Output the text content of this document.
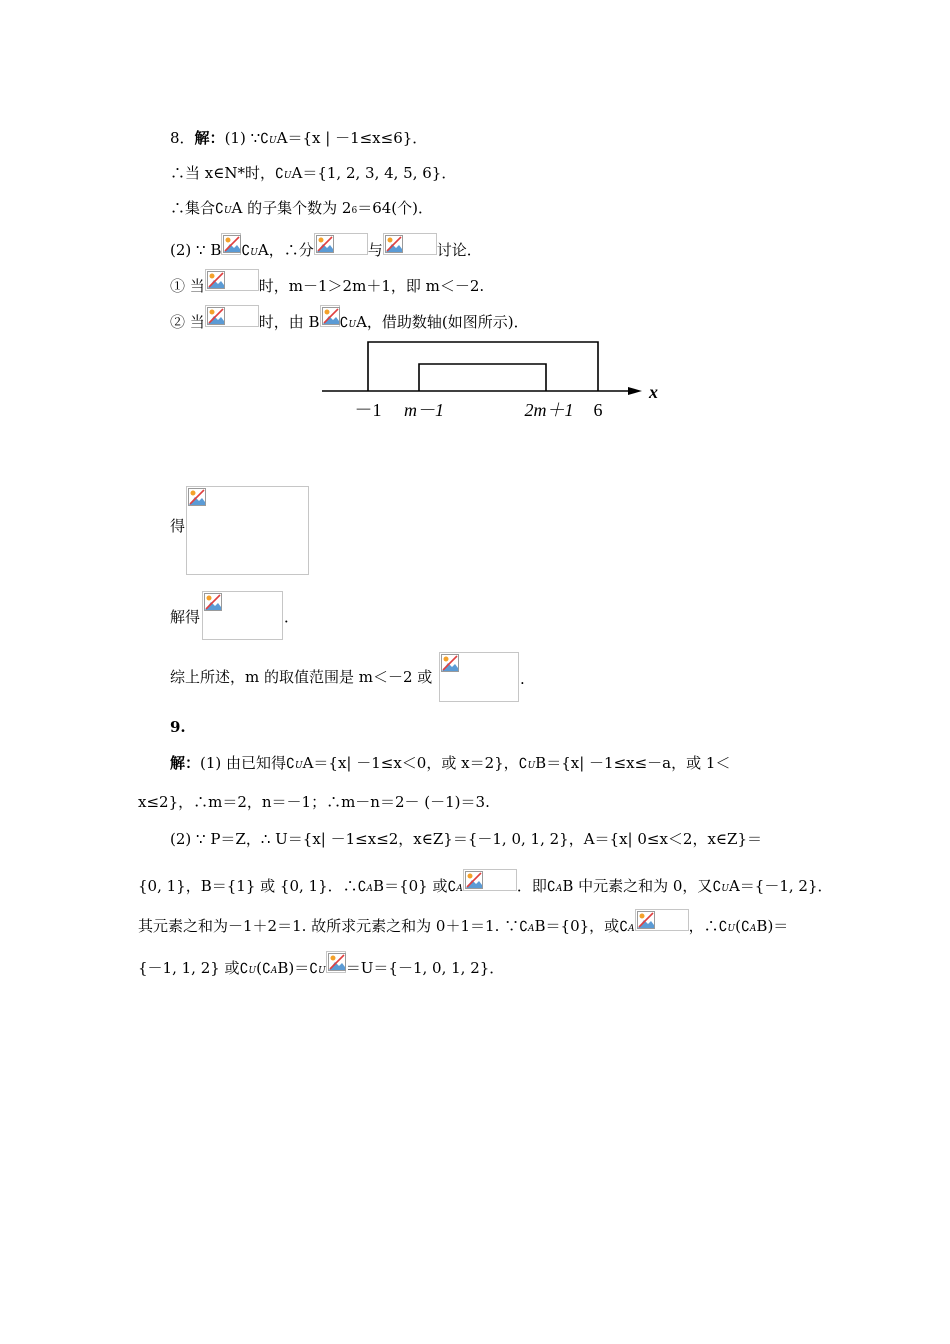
8．解：(1) ∵∁UA＝{x | －1≤x≤6}．
∴当 x∈N*时，∁UA＝{1, 2, 3, 4, 5, 6}．
∴集合∁UA 的子集个数为 26＝64(个)．
(2) ∵ B ∁UA，∴分	与	讨论．
① 当	时，m－1＞2m＋1，即 m＜－2.
② 当	时，由 B ∁UA，借助数轴(如图所示)．
－1 m－1	2m＋1 6
x
得
解得	．
综上所述，m 的取值范围是 m＜－2 或	.
9.
解：(1) 由已知得∁UA＝{x| －1≤x＜0，或 x＝2}，∁UB＝{x| －1≤x≤－a，或 1＜
x≤2}，∴m＝2，n＝－1；∴m－n＝2－ (－1)＝3.
(2) ∵ P＝Z，∴ U＝{x| －1≤x≤2，x∈Z}＝{－1, 0, 1, 2}，A＝{x| 0≤x＜2，x∈Z}＝
{0, 1}，B＝{1} 或 {0, 1}．∴∁AB＝{0} 或∁A	．即∁AB 中元素之和为 0，又∁UA＝{－1, 2}．
其元素之和为－1＋2＝1. 故所求元素之和为 0＋1＝1. ∵∁AB＝{0}，或∁A	，∴∁U(∁AB)＝
{－1, 1, 2} 或∁U(∁AB)＝∁U ＝U＝{－1, 0, 1, 2}．
